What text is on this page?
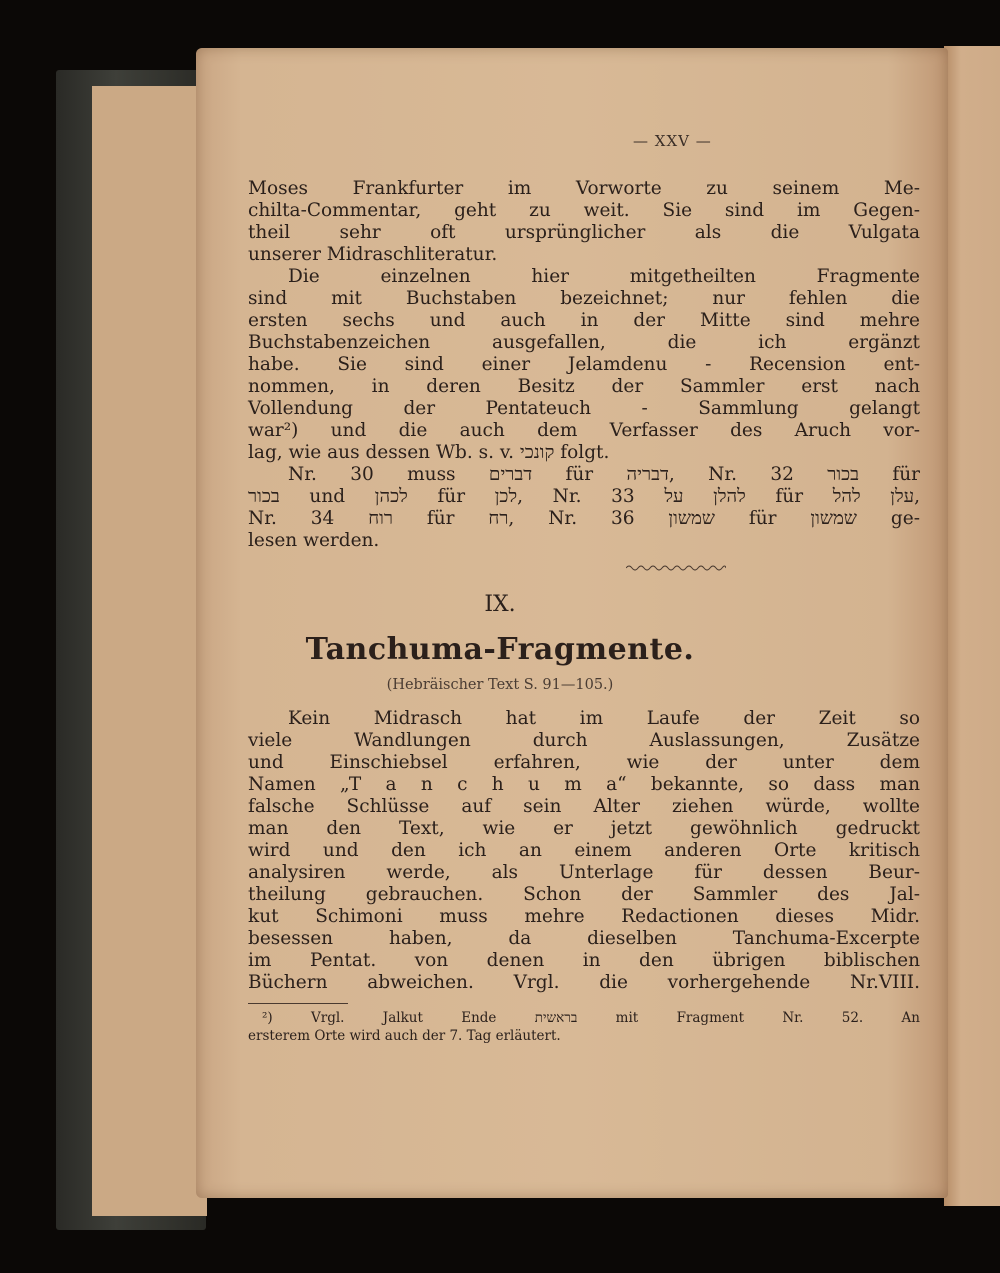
— XXV —
Moses Frankfurter im Vorworte zu seinem Me-
chilta-Commentar, geht zu weit. Sie sind im Gegen-
theil sehr oft ursprünglicher als die Vulgata
unserer Midraschliteratur.
Die einzelnen hier mitgetheilten Fragmente
sind mit Buchstaben bezeichnet; nur fehlen die
ersten sechs und auch in der Mitte sind mehre
Buchstabenzeichen ausgefallen, die ich ergänzt
habe. Sie sind einer Jelamdenu - Recension ent-
nommen, in deren Besitz der Sammler erst nach
Vollendung der Pentateuch - Sammlung gelangt
war²) und die auch dem Verfasser des Aruch vor-
lag, wie aus dessen Wb. s. v. קונכי folgt.
Nr. 30 muss דברים für דבריה, Nr. 32 בכור für
בכור und לכהן für לכן, Nr. 33 להלן על für עלן להל,
Nr. 34 רוח für רח, Nr. 36 שמשון für שמשון ge-
lesen werden.
IX.
Tanchuma-Fragmente.
(Hebräischer Text S. 91—105.)
Kein Midrasch hat im Laufe der Zeit so
viele Wandlungen durch Auslassungen, Zusätze
und Einschiebsel erfahren, wie der unter dem
Namen „T a n c h u m a“ bekannte, so dass man
falsche Schlüsse auf sein Alter ziehen würde, wollte
man den Text, wie er jetzt gewöhnlich gedruckt
wird und den ich an einem anderen Orte kritisch
analysiren werde, als Unterlage für dessen Beur-
theilung gebrauchen. Schon der Sammler des Jal-
kut Schimoni muss mehre Redactionen dieses Midr.
besessen haben, da dieselben Tanchuma-Excerpte
im Pentat. von denen in den übrigen biblischen
Büchern abweichen. Vrgl. die vorhergehende Nr.VIII.
²) Vrgl. Jalkut Ende בראשית mit Fragment Nr. 52. An
ersterem Orte wird auch der 7. Tag erläutert.
